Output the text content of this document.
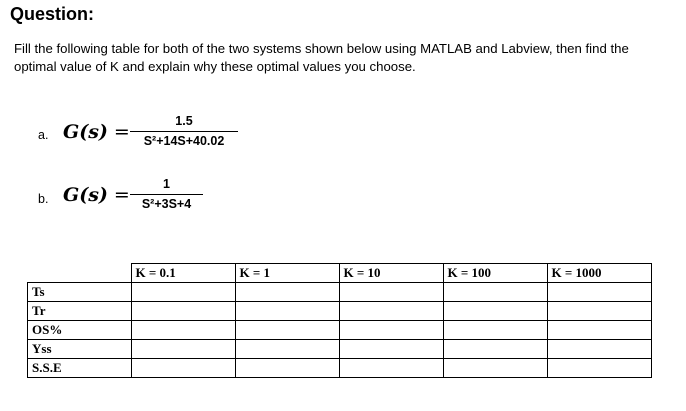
Question:
Fill the following table for both of the two systems shown below using MATLAB and Labview, then find the optimal value of K and explain why these optimal values you choose.
a. G(s) =	1.5
S²+14S+40.02
b. G(s) =	1
S²+3S+4
	K = 0.1	K = 1	K = 10	K = 100	K = 1000
Ts					
Tr					
OS%					
Yss					
S.S.E					
